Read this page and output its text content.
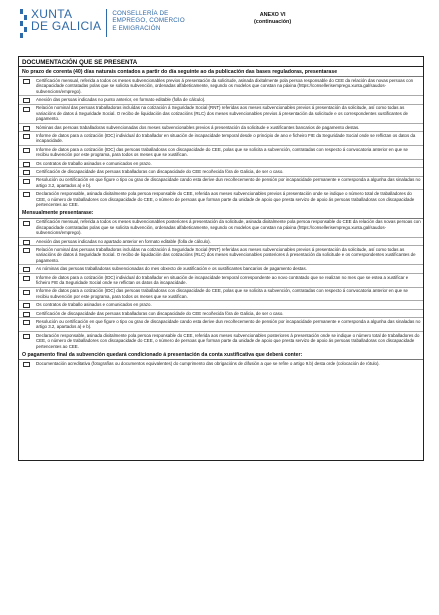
XUNTA
DE GALICIA
CONSELLERÍA DE
EMPREGO, COMERCIO
E EMIGRACIÓN
ANEXO VI
(continuación)
DOCUMENTACIÓN QUE SE PRESENTA
No prazo de corenta (40) días naturais contados a partir do día seguinte ao da publicación das bases reguladoras, presentarase
Certificación mensual, referida a todos os meses subvencionables previos á presentación da solicitude, asinada dixitalmente pola persoa responsable do CEE da relación das novas persoas con discapacidade contratadas polas que se solicita subvención, ordenadas alfabeticamente, segundo os modelos que constan na páxina (https://consellerisemprego.xunta.gal/saudos-subvencions/emprego).
Anexión das persoas indicadas no punto anterior, en formato editable (folla de cálculo).
Relación nominal das persoas traballadoras incluídas na cotización á Seguridade Social (RNT) referidas aos meses subvencionables previos á presentación da solicitude, así como todas as variacións de datos á Seguridade Social. O recibo de liquidación das cotizacións (RLC) dos meses subvencionables previos á presentación da solicitude e os correspondentes xustificantes de pagamento.
Nóminas das persoas traballadoras subvencionadas dos meses subvencionables previos á presentación da solicitude e xustificantes bancarios de pagamento destas.
Informe de datos para a cotización (IDC) individual do traballador en situación de incapacidade temporal desde o principio de ano e ficheiro FIE da Seguridade Social onde se reflictan os datos da incapacidade.
Informe de datos para a cotización (IDC) das persoas traballadoras con discapacidade do CEE, polas que se solicita a subvención, contratadas con respecto á convocatoria anterior en que se recibiu subvención por este programa, para todos os meses que se xustifican.
Os contratos de traballo asinados e comunicados en prazo.
Certificación de discapacidade das persoas traballadoras con discapacidade do CEE recoñecida fóra de Galicia, de ser o caso.
Resolución ou certificación en que figure o tipo ou grao de discapacidade cando esta derive dun recoñecemento de pensión por incapacidade permanente e corresponda a algunha das sinaladas no artigo 3.2, apartados a) e b).
Declaración responsable, asinada dixitalmente pola persoa responsable do CEE, referida aos meses subvencionables previos á presentación onde se indique o número total de traballadores do CEE, o número de traballadores con discapacidade do CEE, o número de persoas que forman parte da unidade de apoio que presta servizo de apoio ás persoas traballadoras con discapacidade pertencentes ao CEE.
Mensualmente presentarase:
Certificación mensual, referida a todos os meses subvencionables posteriores á presentación da solicitude, asinada dixitalmente pola persoa responsable do CEE da relación das novas persoas con discapacidade contratadas polas que se solicita subvención, ordenadas alfabeticamente, segundo os modelos que constan na páxina (https://consellerisemprego.xunta.gal/saudos-subvencions/emprego).
Anexión das persoas indicadas no apartado anterior en formato editable (folla de cálculo).
Relación nominal das persoas traballadoras incluídas na cotización á Seguridade Social (RNT) referidas aos meses subvencionables previos á presentación da solicitude, así como todas as variacións de datos á Seguridade Social. O recibo de liquidación das cotizacións (RLC) dos meses subvencionables posteriores á presentación da solicitude e os correspondentes xustificantes de pagamento.
As nóminas das persoas traballadoras subvencionadas do mes obxecto de xustificación e os xustificantes bancarios de pagamento destas.
Informe de datos para a cotización (IDC) individual do traballador en situación de incapacidade temporal correspondente ao novo contratado que se realizan no mes que se estea a xustificar e ficheiro FIE da Seguridade Social onde se reflictan os datos da incapacidade.
Informe de datos para a cotización (IDC) das persoas traballadoras con discapacidade do CEE, polas que se solicita a subvención, contratadas con respecto á convocatoria anterior en que se recibiu subvención por este programa, para todos os meses que se xustifican.
Os contratos de traballo asinados e comunicados en prazo.
Certificación de discapacidade das persoas traballadoras con discapacidade do CEE recoñecida fóra de Galicia, de ser o caso.
Resolución ou certificación en que figure o tipo ou grao de discapacidade cando esta derive dun recoñecemento de pensión por incapacidade permanente e corresponda a algunha das sinaladas no artigo 3.2, apartados a) e b).
Declaración responsable, asinada dixitalmente pola persoa responsable do CEE, referida aos meses subvencionables posteriores á presentación onde se indique o número total de traballadores do CEE, o número de traballadores con discapacidade do CEE, o número de persoas que forman parte da unidade de apoio que presta servizo de apoio ás persoas traballadoras con discapacidade pertencentes ao CEE.
O pagamento final da subvención quedará condicionado á presentación da conta xustificativa que deberá conter:
Documentación acreditativa (fotografías ou documentos equivalentes) do cumprimento das obrigacións de difusión a que se refire o artigo 9.b) desta orde (colocación de rótulo).
